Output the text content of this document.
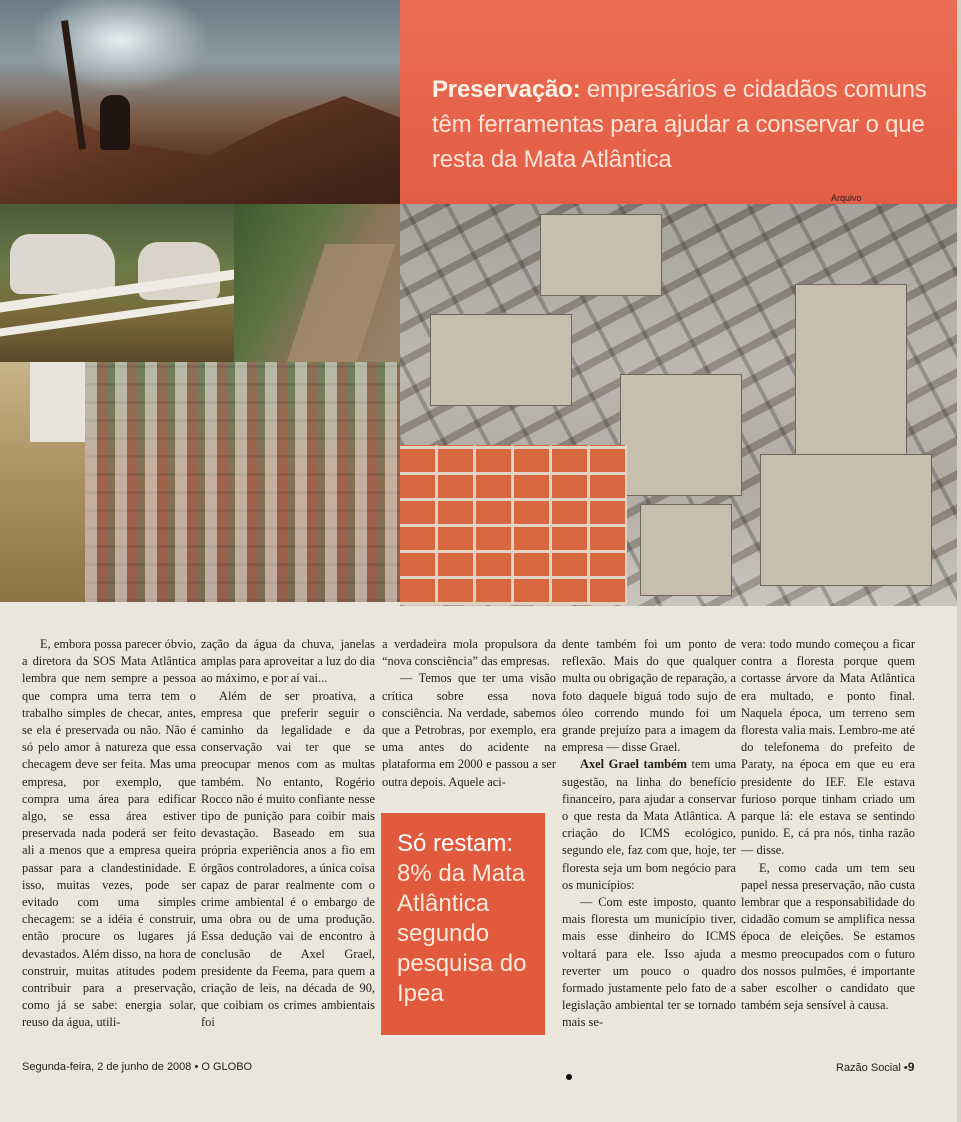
Preservação: empresários e cidadãos comuns têm ferramentas para ajudar a conservar o que resta da Mata Atlântica
Arquivo

E, embora possa parecer óbvio, a diretora da SOS Mata Atlântica lembra que nem sempre a pessoa que compra uma terra tem o trabalho simples de checar, antes, se ela é preservada ou não. Não é só pelo amor à natureza que essa checagem deve ser feita. Mas uma empresa, por exemplo, que compra uma área para edificar algo, se essa área estiver preservada nada poderá ser feito ali a menos que a empresa queira passar para a clandestinidade. E isso, muitas vezes, pode ser evitado com uma simples checagem: se a idéia é construir, então procure os lugares já devastados. Além disso, na hora de construir, muitas atitudes podem contribuir para a preservação, como já se sabe: energia solar, reuso da água, utili-

zação da água da chuva, janelas amplas para aproveitar a luz do dia ao máximo, e por aí vai...

Além de ser proativa, a empresa que preferir seguir o caminho da legalidade e da conservação vai ter que se preocupar menos com as multas também. No entanto, Rogério Rocco não é muito confiante nesse tipo de punição para coibir mais devastação. Baseado em sua própria experiência anos a fio em órgãos controladores, a única coisa capaz de parar realmente com o crime ambiental é o embargo de uma obra ou de uma produção. Essa dedução vai de encontro à conclusão de Axel Grael, presidente da Feema, para quem a criação de leis, na década de 90, que coibiam os crimes ambientais foi

a verdadeira mola propulsora da “nova consciência” das empresas.

— Temos que ter uma visão crítica sobre essa nova consciência. Na verdade, sabemos que a Petrobras, por exemplo, era uma antes do acidente na plataforma em 2000 e passou a ser outra depois. Aquele aci-

Só restam: 8% da Mata Atlântica segundo pesquisa do Ipea

dente também foi um ponto de reflexão. Mais do que qualquer multa ou obrigação de reparação, a foto daquele biguá todo sujo de óleo correndo mundo foi um grande prejuízo para a imagem da empresa — disse Grael.

Axel Grael também tem uma sugestão, na linha do benefício financeiro, para ajudar a conservar o que resta da Mata Atlântica. A criação do ICMS ecológico, segundo ele, faz com que, hoje, ter floresta seja um bom negócio para os municípios:

— Com este imposto, quanto mais floresta um município tiver, mais esse dinheiro do ICMS voltará para ele. Isso ajuda a reverter um pouco o quadro formado justamente pelo fato de a legislação ambiental ter se tornado mais se-

vera: todo mundo começou a ficar contra a floresta porque quem cortasse árvore da Mata Atlântica era multado, e ponto final. Naquela época, um terreno sem floresta valia mais. Lembro-me até do telefonema do prefeito de Paraty, na época em que eu era presidente do IEF. Ele estava furioso porque tinham criado um parque lá: ele estava se sentindo punido. E, cá pra nós, tinha razão — disse.

E, como cada um tem seu papel nessa preservação, não custa lembrar que a responsabilidade do cidadão comum se amplifica nessa época de eleições. Se estamos mesmo preocupados com o futuro dos nossos pulmões, é importante saber escolher o candidato que também seja sensível à causa.

Segunda-feira, 2 de junho de 2008 • O GLOBO	Razão Social •9
